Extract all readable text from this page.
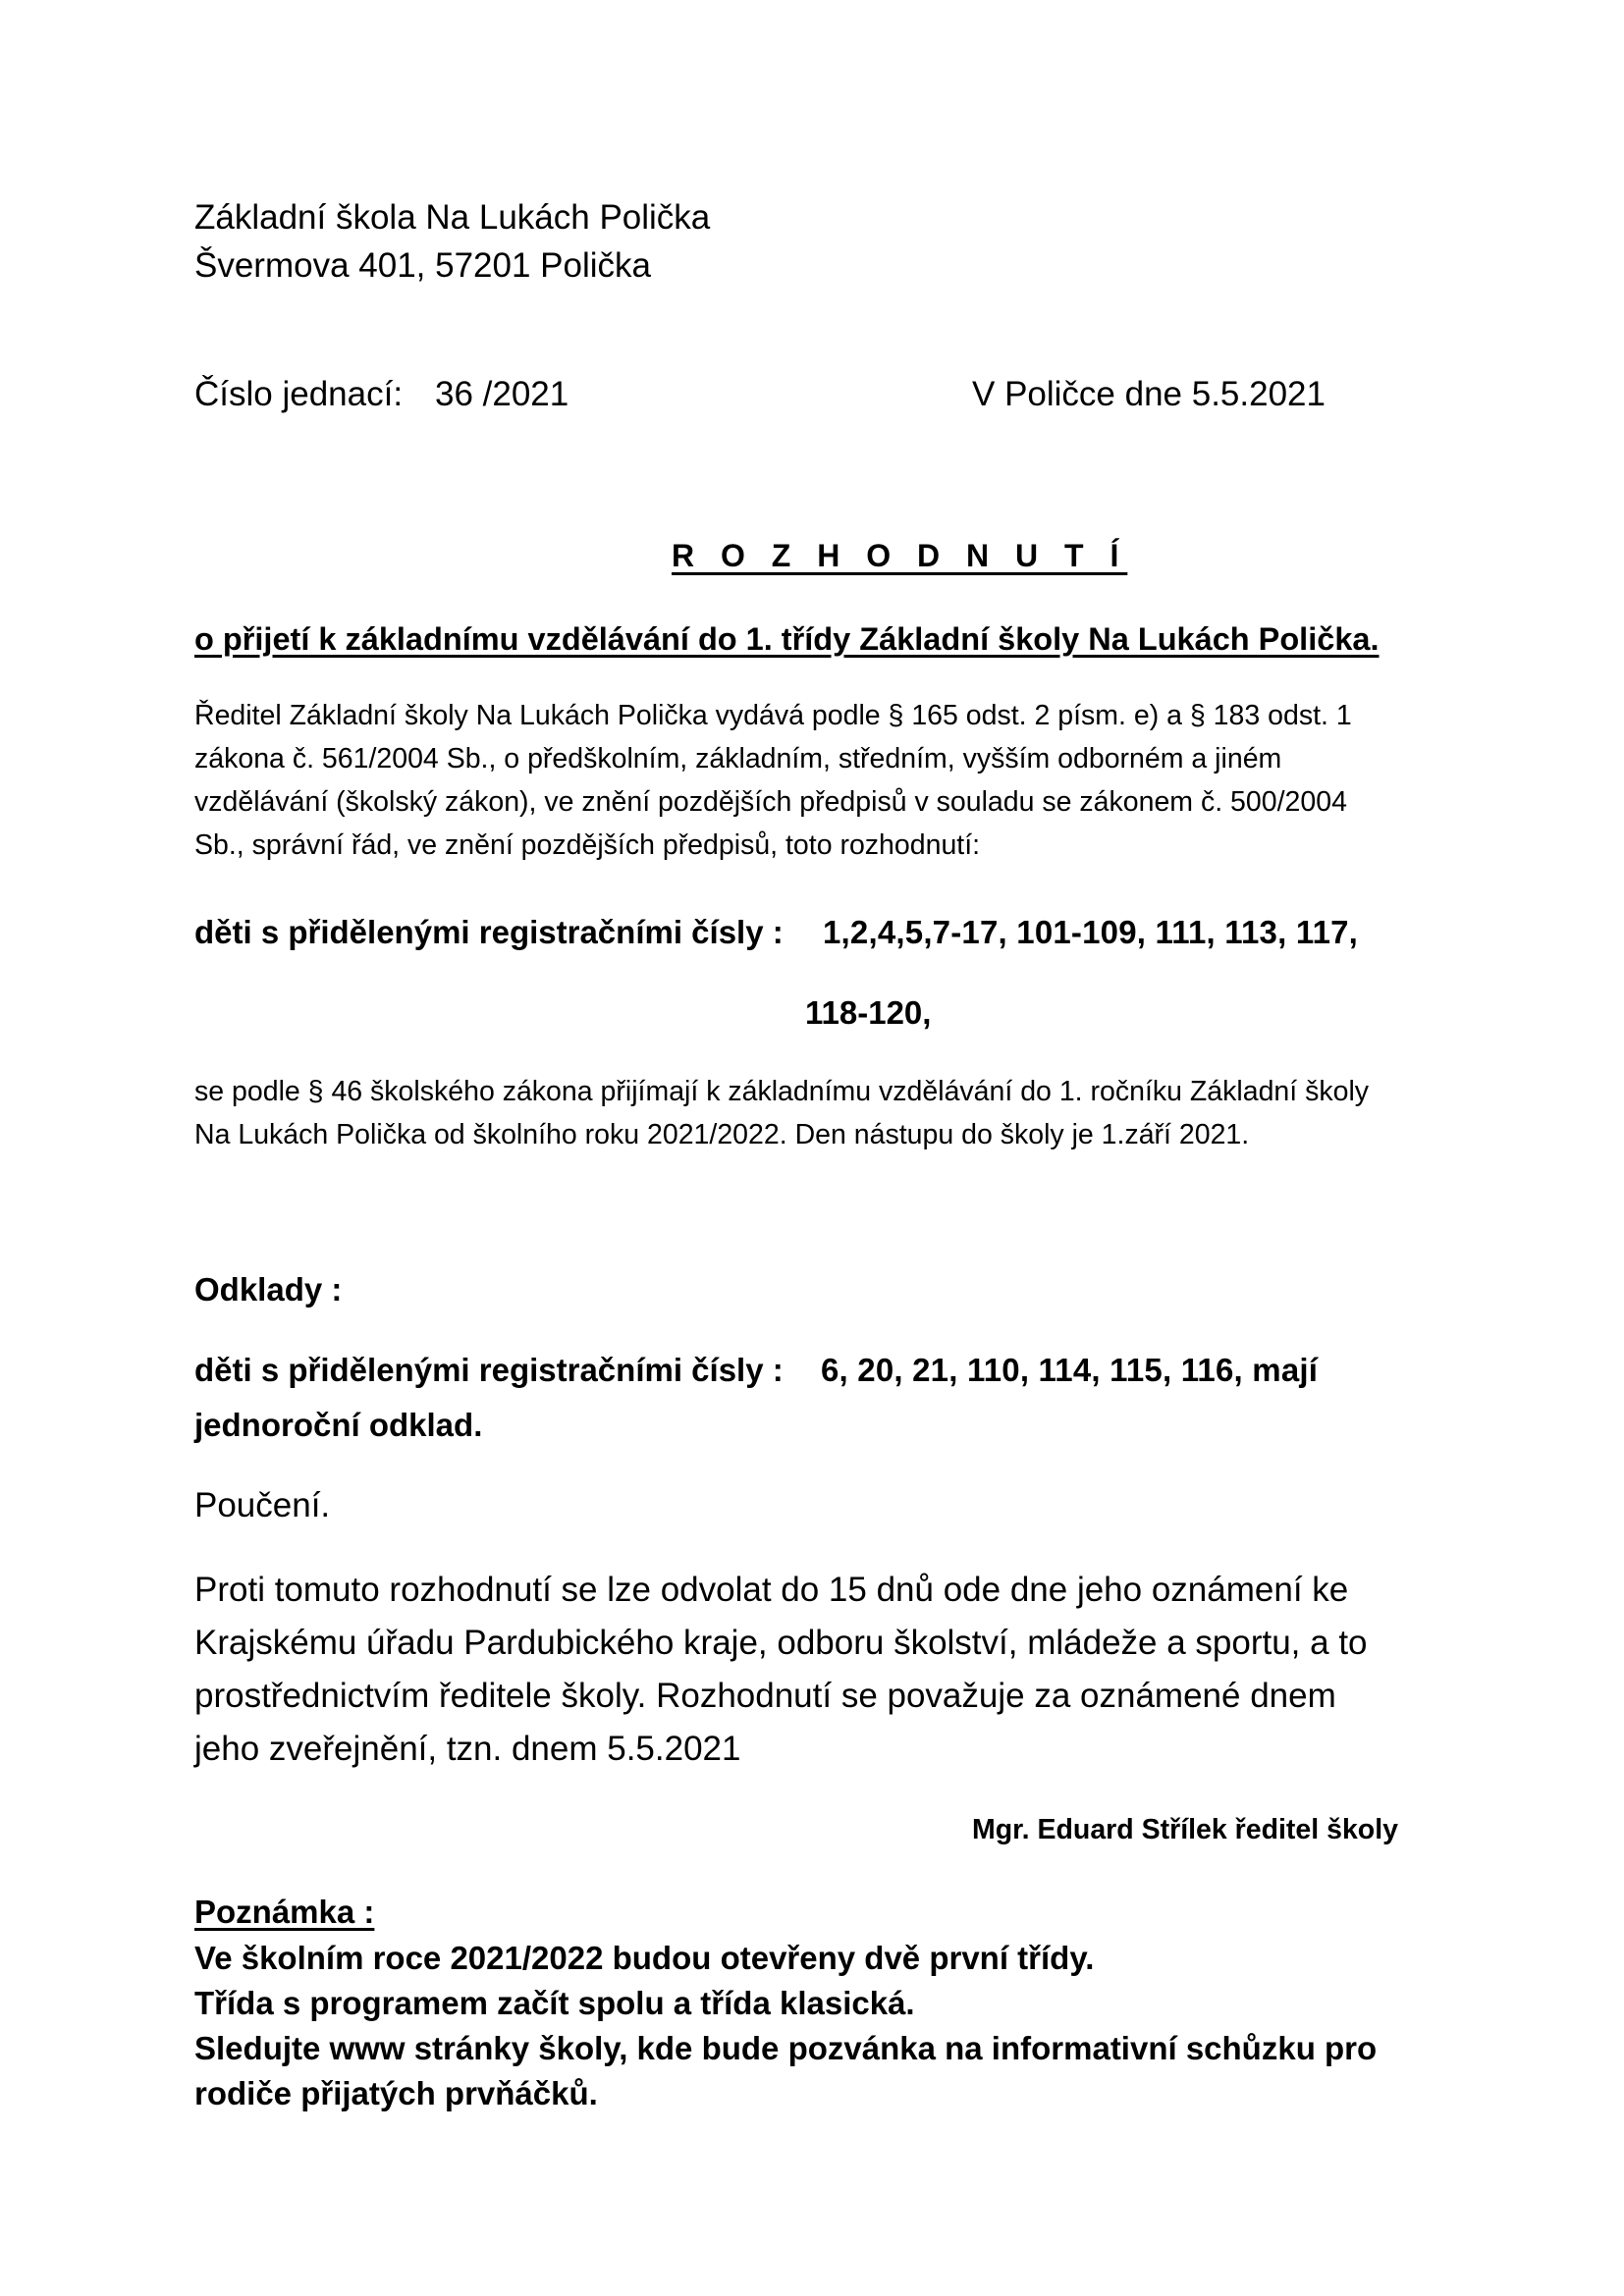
Základní škola Na Lukách Polička

Švermova 401, 57201 Polička

Číslo jednací: 36 /2021	V Poličce dne 5.5.2021

R O Z H O D N U T Í

o přijetí k základnímu vzdělávání do 1. třídy Základní školy Na Lukách Polička.

Ředitel Základní školy Na Lukách Polička vydává podle § 165 odst. 2 písm. e) a § 183 odst. 1
zákona č. 561/2004 Sb., o předškolním, základním, středním, vyšším odborném a jiném
vzdělávání (školský zákon), ve znění pozdějších předpisů v souladu se zákonem č. 500/2004
Sb., správní řád, ve znění pozdějších předpisů, toto rozhodnutí:

děti s přidělenými registračními čísly : 1,2,4,5,7-17, 101-109, 111, 113, 117,

118-120,

se podle § 46 školského zákona přijímají k základnímu vzdělávání do 1. ročníku Základní školy
Na Lukách Polička od školního roku 2021/2022. Den nástupu do školy je 1.září 2021.

Odklady :

děti s přidělenými registračními čísly : 6, 20, 21, 110, 114, 115, 116, mají

jednoroční odklad.

Poučení.

Proti tomuto rozhodnutí se lze odvolat do 15 dnů ode dne jeho oznámení ke
Krajskému úřadu Pardubického kraje, odboru školství, mládeže a sportu, a to
prostřednictvím ředitele školy. Rozhodnutí se považuje za oznámené dnem
jeho zveřejnění, tzn. dnem 5.5.2021

Mgr. Eduard Střílek ředitel školy

Poznámka :

Ve školním roce 2021/2022 budou otevřeny dvě první třídy.
Třída s programem začít spolu a třída klasická.
Sledujte www stránky školy, kde bude pozvánka na informativní schůzku pro
rodiče přijatých prvňáčků.
